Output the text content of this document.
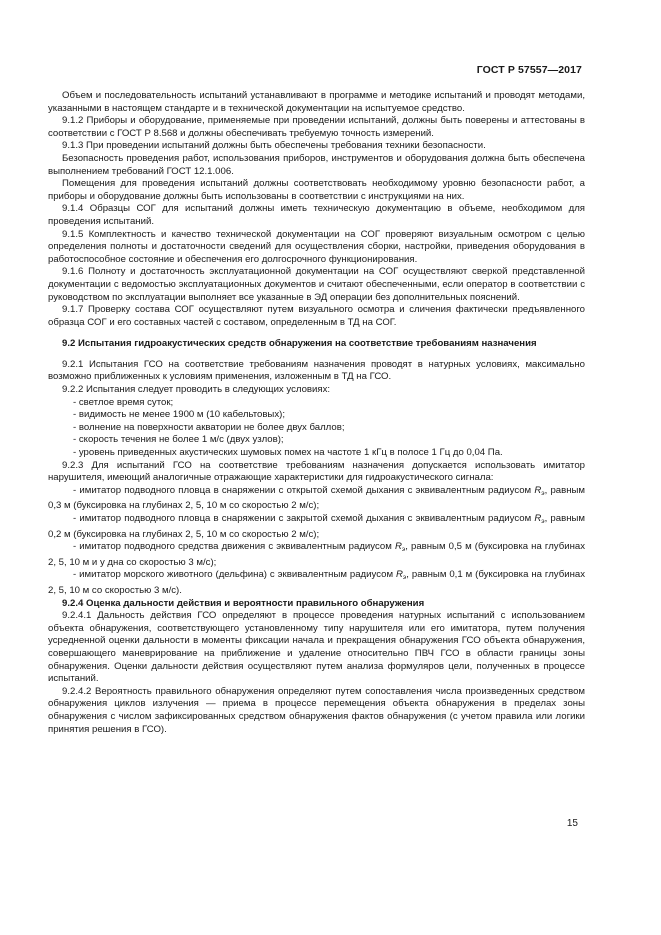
ГОСТ Р 57557—2017

Объем и последовательность испытаний устанавливают в программе и методике испытаний и проводят методами, указанными в настоящем стандарте и в технической документации на испытуемое средство.

9.1.2 Приборы и оборудование, применяемые при проведении испытаний, должны быть поверены и аттестованы в соответствии с ГОСТ Р 8.568 и должны обеспечивать требуемую точность измерений.

9.1.3 При проведении испытаний должны быть обеспечены требования техники безопасности.

Безопасность проведения работ, использования приборов, инструментов и оборудования должна быть обеспечена выполнением требований ГОСТ 12.1.006.

Помещения для проведения испытаний должны соответствовать необходимому уровню безопасности работ, а приборы и оборудование должны быть использованы в соответствии с инструкциями на них.

9.1.4 Образцы СОГ для испытаний должны иметь техническую документацию в объеме, необходимом для проведения испытаний.

9.1.5 Комплектность и качество технической документации на СОГ проверяют визуальным осмотром с целью определения полноты и достаточности сведений для осуществления сборки, настройки, приведения оборудования в работоспособное состояние и обеспечения его долгосрочного функционирования.

9.1.6 Полноту и достаточность эксплуатационной документации на СОГ осуществляют сверкой представленной документации с ведомостью эксплуатационных документов и считают обеспеченными, если оператор в соответствии с руководством по эксплуатации выполняет все указанные в ЭД операции без дополнительных пояснений.

9.1.7 Проверку состава СОГ осуществляют путем визуального осмотра и сличения фактически предъявленного образца СОГ и его составных частей с составом, определенным в ТД на СОГ.

9.2 Испытания гидроакустических средств обнаружения на соответствие требованиям назначения

9.2.1 Испытания ГСО на соответствие требованиям назначения проводят в натурных условиях, максимально возможно приближенных к условиям применения, изложенным в ТД на ГСО.

9.2.2 Испытания следует проводить в следующих условиях:

- светлое время суток;

- видимость не менее 1900 м (10 кабельтовых);

- волнение на поверхности акватории не более двух баллов;

- скорость течения не более 1 м/с (двух узлов);

- уровень приведенных акустических шумовых помех на частоте 1 кГц в полосе 1 Гц до 0,04 Па.

9.2.3 Для испытаний ГСО на соответствие требованиям назначения допускается использовать имитатор нарушителя, имеющий аналогичные отражающие характеристики для гидроакустического сигнала:

- имитатор подводного пловца в снаряжении с открытой схемой дыхания с эквивалентным радиусом $R_э$, равным 0,3 м (буксировка на глубинах 2, 5, 10 м со скоростью 2 м/с);

- имитатор подводного пловца в снаряжении с закрытой схемой дыхания с эквивалентным радиусом $R_э$, равным 0,2 м (буксировка на глубинах 2, 5, 10 м со скоростью 2 м/с);

- имитатор подводного средства движения с эквивалентным радиусом $R_э$, равным 0,5 м (буксировка на глубинах 2, 5, 10 м и у дна со скоростью 3 м/с);

- имитатор морского животного (дельфина) с эквивалентным радиусом $R_э$, равным 0,1 м (буксировка на глубинах 2, 5, 10 м со скоростью 3 м/с).

9.2.4 Оценка дальности действия и вероятности правильного обнаружения

9.2.4.1 Дальность действия ГСО определяют в процессе проведения натурных испытаний с использованием объекта обнаружения, соответствующего установленному типу нарушителя или его имитатора, путем получения усредненной оценки дальности в моменты фиксации начала и прекращения обнаружения ГСО объекта обнаружения, совершающего маневрирование на приближение и удаление относительно ПВЧ ГСО в области границы зоны обнаружения. Оценки дальности действия осуществляют путем анализа формуляров цели, полученных в процессе испытаний.

9.2.4.2 Вероятность правильного обнаружения определяют путем сопоставления числа произведенных средством обнаружения циклов излучения — приема в процессе перемещения объекта обнаружения в пределах зоны обнаружения с числом зафиксированных средством обнаружения фактов обнаружения (с учетом правила или логики принятия решения в ГСО).

15
